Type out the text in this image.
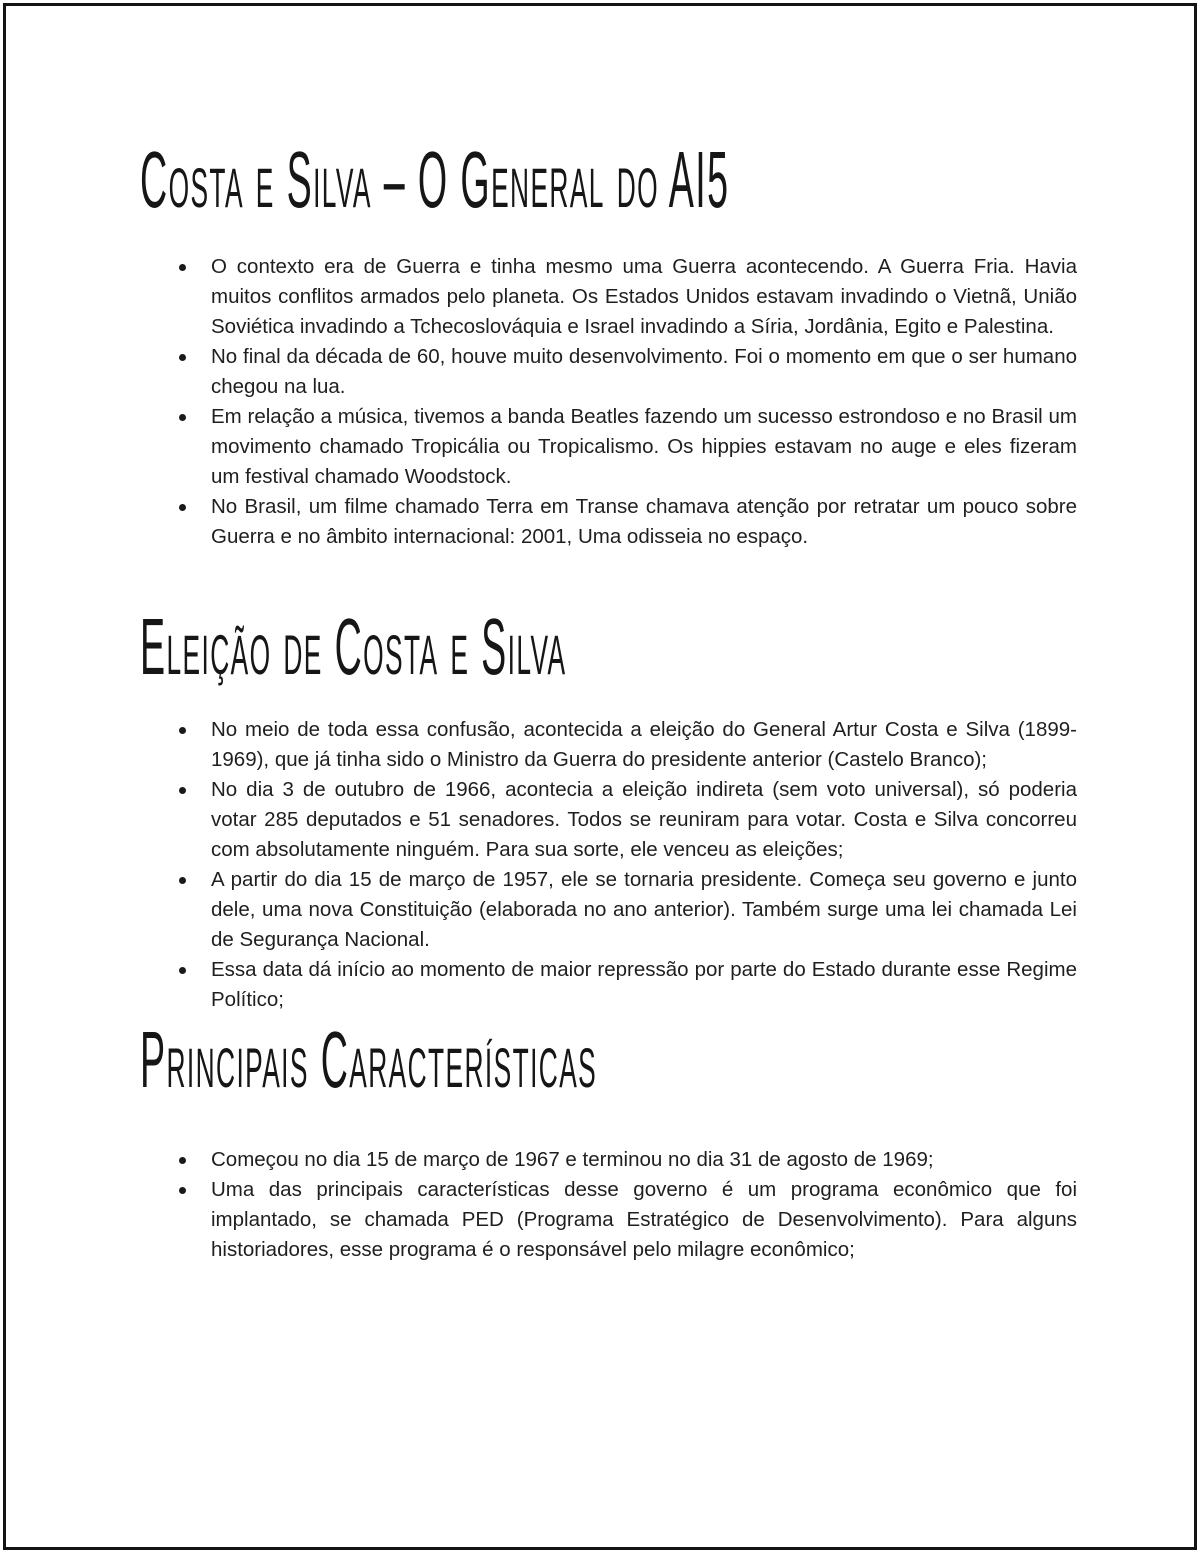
Costa e Silva – O General do AI5
O contexto era de Guerra e tinha mesmo uma Guerra acontecendo. A Guerra Fria. Havia muitos conflitos armados pelo planeta. Os Estados Unidos estavam invadindo o Vietnã, União Soviética invadindo a Tchecoslováquia e Israel invadindo a Síria, Jordânia, Egito e Palestina.
No final da década de 60, houve muito desenvolvimento. Foi o momento em que o ser humano chegou na lua.
Em relação a música, tivemos a banda Beatles fazendo um sucesso estrondoso e no Brasil um movimento chamado Tropicália ou Tropicalismo. Os hippies estavam no auge e eles fizeram um festival chamado Woodstock.
No Brasil, um filme chamado Terra em Transe chamava atenção por retratar um pouco sobre Guerra e no âmbito internacional: 2001, Uma odisseia no espaço.
Eleição de Costa e Silva
No meio de toda essa confusão, acontecida a eleição do General Artur Costa e Silva (1899-1969), que já tinha sido o Ministro da Guerra do presidente anterior (Castelo Branco);
No dia 3 de outubro de 1966, acontecia a eleição indireta (sem voto universal), só poderia votar 285 deputados e 51 senadores. Todos se reuniram para votar. Costa e Silva concorreu com absolutamente ninguém. Para sua sorte, ele venceu as eleições;
A partir do dia 15 de março de 1957, ele se tornaria presidente. Começa seu governo e junto dele, uma nova Constituição (elaborada no ano anterior). Também surge uma lei chamada Lei de Segurança Nacional.
Essa data dá início ao momento de maior repressão por parte do Estado durante esse Regime Político;
Principais Características
Começou no dia 15 de março de 1967 e terminou no dia 31 de agosto de 1969;
Uma das principais características desse governo é um programa econômico que foi implantado, se chamada PED (Programa Estratégico de Desenvolvimento). Para alguns historiadores, esse programa é o responsável pelo milagre econômico;
